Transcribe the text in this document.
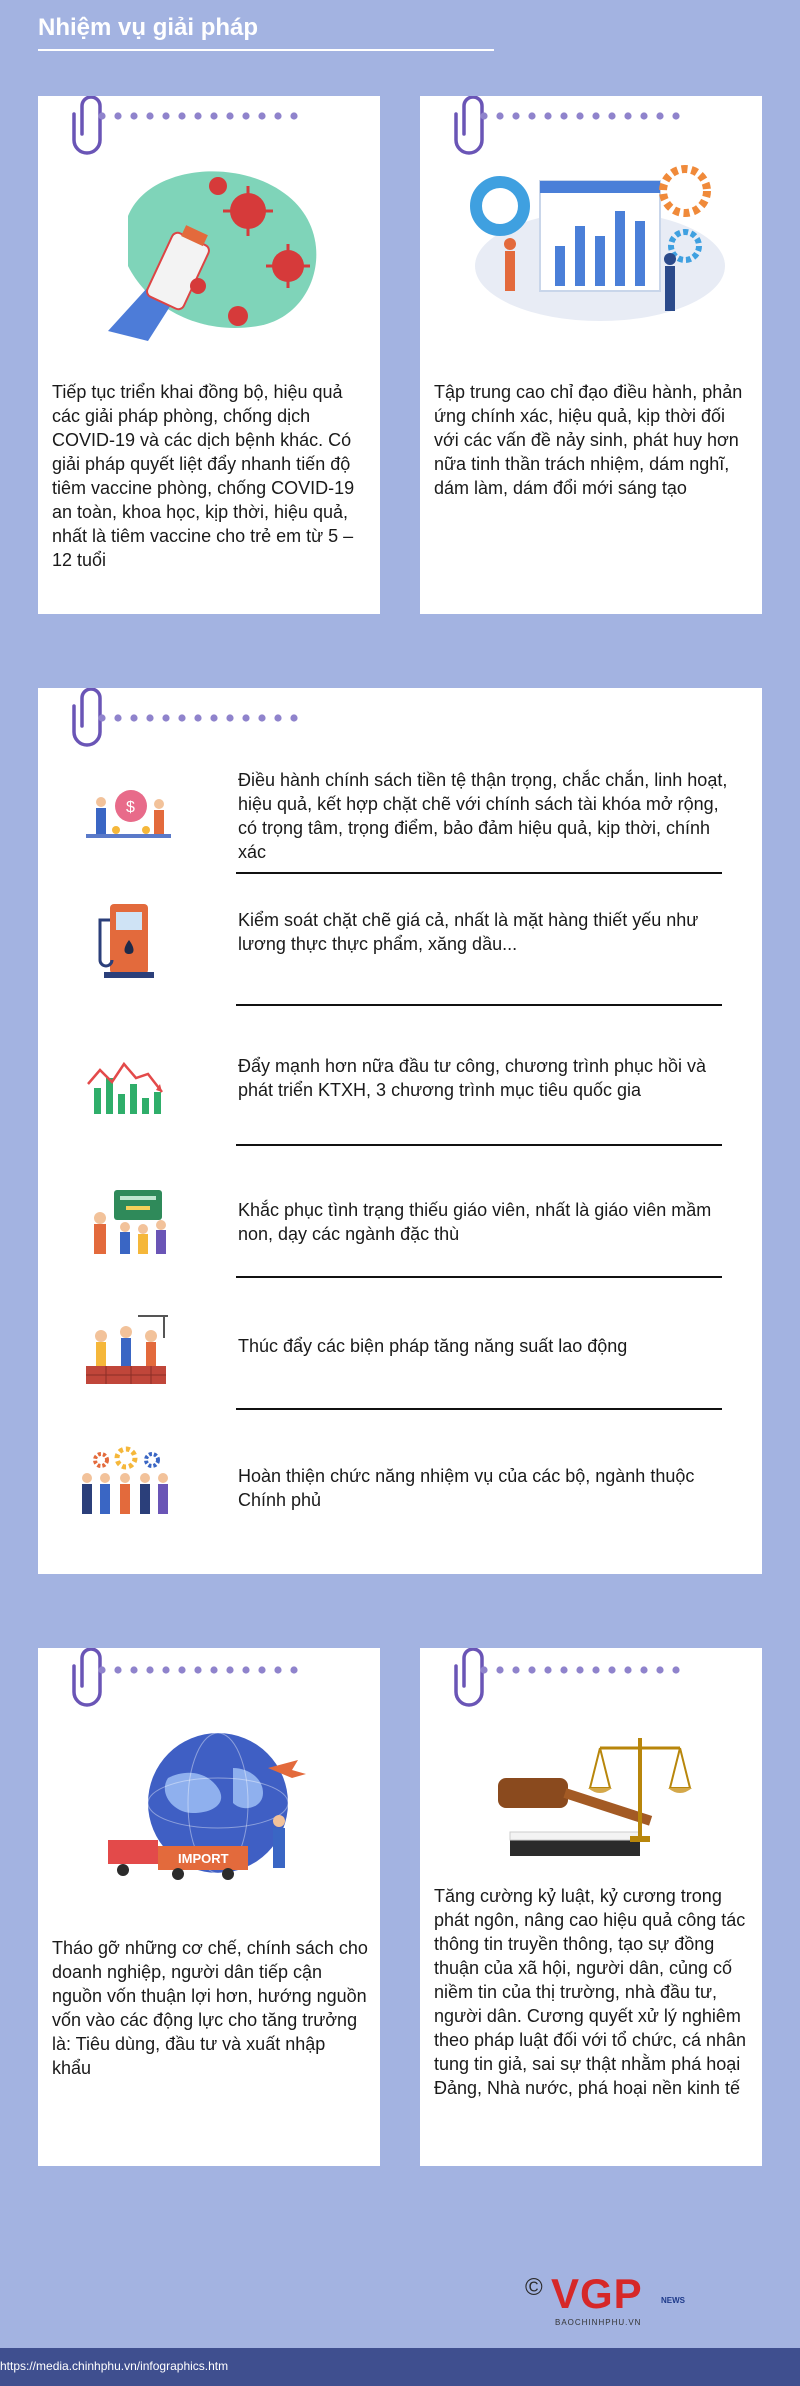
Nhiệm vụ giải pháp
Tiếp tục triển khai đồng bộ, hiệu quả các giải pháp phòng, chống dịch COVID-19 và các dịch bệnh khác. Có giải pháp quyết liệt đẩy nhanh tiến độ tiêm vaccine phòng, chống COVID-19 an toàn, khoa học, kịp thời, hiệu quả, nhất là tiêm vaccine cho trẻ em từ 5 – 12 tuổi
Tập trung cao chỉ đạo điều hành, phản ứng chính xác, hiệu quả, kịp thời đối với các vấn đề nảy sinh, phát huy hơn nữa tinh thần trách nhiệm, dám nghĩ, dám làm, dám đổi mới sáng tạo
$
Điều hành chính sách tiền tệ thận trọng, chắc chắn, linh hoạt, hiệu quả, kết hợp chặt chẽ với chính sách tài khóa mở rộng, có trọng tâm, trọng điểm, bảo đảm hiệu quả, kịp thời, chính xác
Kiểm soát chặt chẽ giá cả, nhất là mặt hàng thiết yếu như lương thực thực phẩm, xăng dầu...
Đẩy mạnh hơn nữa đầu tư công, chương trình phục hồi và phát triển KTXH, 3 chương trình mục tiêu quốc gia
Khắc phục tình trạng thiếu giáo viên, nhất là giáo viên mầm non, dạy các ngành đặc thù
Thúc đẩy các biện pháp tăng năng suất lao động
Hoàn thiện chức năng nhiệm vụ của các bộ, ngành thuộc Chính phủ
IMPORT
Tháo gỡ những cơ chế, chính sách cho doanh nghiệp, người dân tiếp cận nguồn vốn thuận lợi hơn, hướng nguồn vốn vào các động lực cho tăng trưởng là: Tiêu dùng, đầu tư và xuất nhập khẩu
Tăng cường kỷ luật, kỷ cương trong phát ngôn, nâng cao hiệu quả công tác thông tin truyền thông, tạo sự đồng thuận của xã hội, người dân, củng cố niềm tin của thị trường, nhà đầu tư, người dân. Cương quyết xử lý nghiêm theo pháp luật đối với tổ chức, cá nhân tung tin giả, sai sự thật nhằm phá hoại Đảng, Nhà nước, phá hoại nền kinh tế
© VGP NEWS
BAOCHINHPHU.VN
https://media.chinhphu.vn/infographics.htm
